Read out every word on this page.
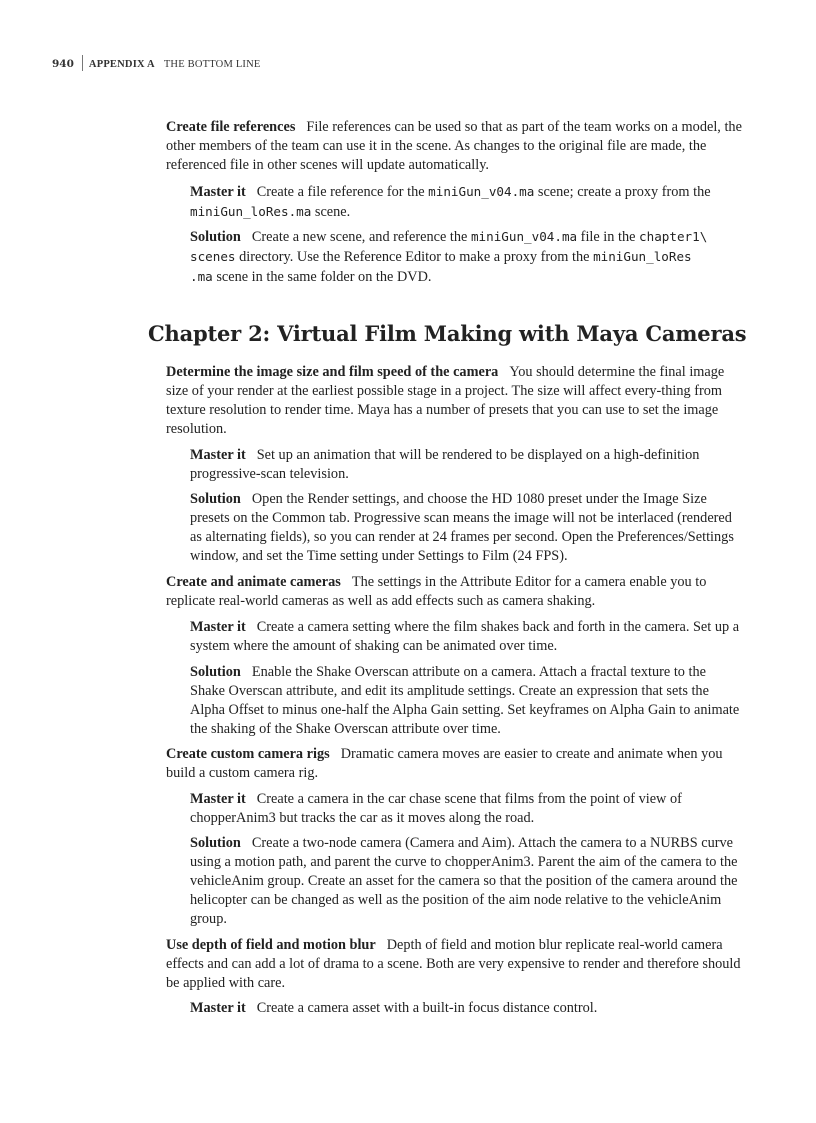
940 APPENDIX A THE BOTTOM LINE
Create file references File references can be used so that as part of the team works on a model, the other members of the team can use it in the scene. As changes to the original file are made, the referenced file in other scenes will update automatically.
Master it Create a file reference for the miniGun_v04.ma scene; create a proxy from the miniGun_loRes.ma scene.
Solution Create a new scene, and reference the miniGun_v04.ma file in the chapter1\
scenes directory. Use the Reference Editor to make a proxy from the miniGun_loRes
.ma scene in the same folder on the DVD.
Chapter 2: Virtual Film Making with Maya Cameras
Determine the image size and film speed of the camera You should determine the final image size of your render at the earliest possible stage in a project. The size will affect every-thing from texture resolution to render time. Maya has a number of presets that you can use to set the image resolution.
Master it Set up an animation that will be rendered to be displayed on a high-definition progressive-scan television.
Solution Open the Render settings, and choose the HD 1080 preset under the Image Size presets on the Common tab. Progressive scan means the image will not be interlaced (rendered as alternating fields), so you can render at 24 frames per second. Open the Preferences/Settings window, and set the Time setting under Settings to Film (24 FPS).
Create and animate cameras The settings in the Attribute Editor for a camera enable you to replicate real-world cameras as well as add effects such as camera shaking.
Master it Create a camera setting where the film shakes back and forth in the camera. Set up a system where the amount of shaking can be animated over time.
Solution Enable the Shake Overscan attribute on a camera. Attach a fractal texture to the Shake Overscan attribute, and edit its amplitude settings. Create an expression that sets the Alpha Offset to minus one-half the Alpha Gain setting. Set keyframes on Alpha Gain to animate the shaking of the Shake Overscan attribute over time.
Create custom camera rigs Dramatic camera moves are easier to create and animate when you build a custom camera rig.
Master it Create a camera in the car chase scene that films from the point of view of chopperAnim3 but tracks the car as it moves along the road.
Solution Create a two-node camera (Camera and Aim). Attach the camera to a NURBS curve using a motion path, and parent the curve to chopperAnim3. Parent the aim of the camera to the vehicleAnim group. Create an asset for the camera so that the position of the camera around the helicopter can be changed as well as the position of the aim node relative to the vehicleAnim group.
Use depth of field and motion blur Depth of field and motion blur replicate real-world camera effects and can add a lot of drama to a scene. Both are very expensive to render and therefore should be applied with care.
Master it Create a camera asset with a built-in focus distance control.
